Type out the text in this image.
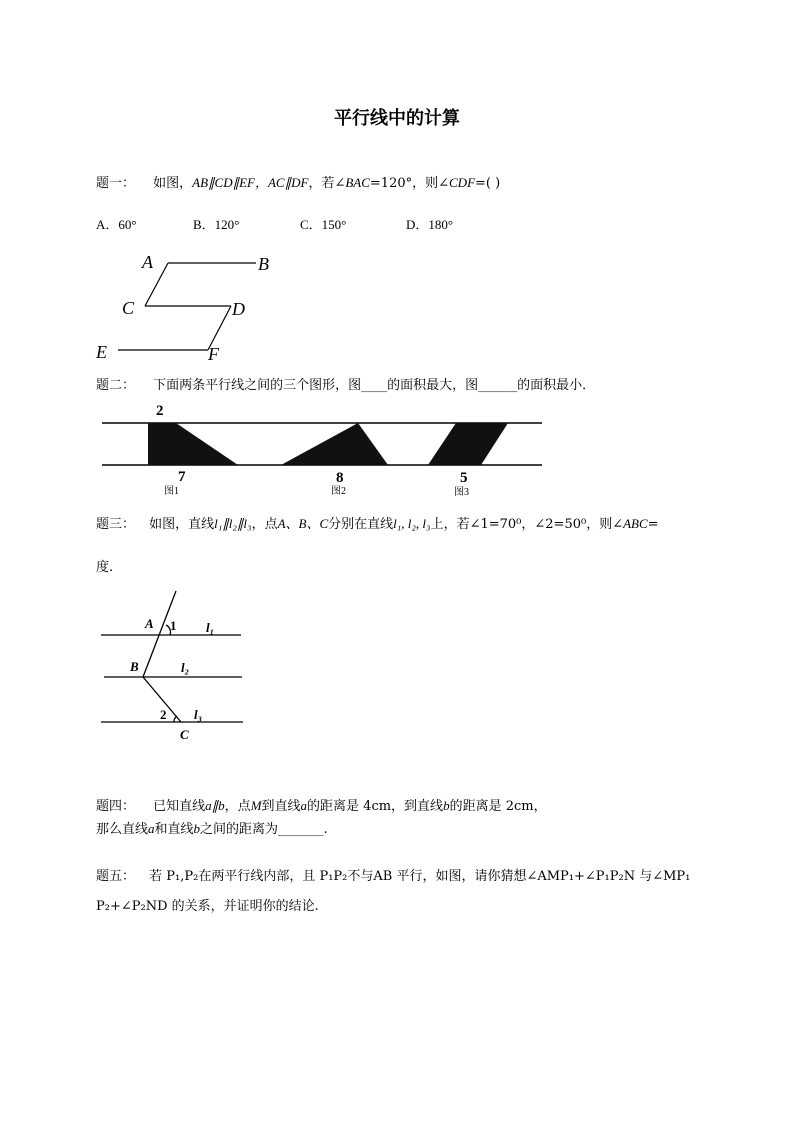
平行线中的计算
题一： 如图，AB∥CD∥EF，AC∥DF，若∠BAC=120°，则∠CDF=( )
A．60°	B．120°	C．150°	D．180°
A	B
C	D
E	F
题二： 下面两条平行线之间的三个图形，图____的面积最大，图______的面积最小．
2
7	8	5
图1	图2	图3
题三： 如图，直线l₁∥l₂∥l₃，点A、B、C分别在直线l₁, l₂, l₃上，若∠1=70⁰，∠2=50⁰，则∠ABC=
度.
A 1 l₁
B	l₂
2 l₃
C
题四： 已知直线a∥b，点M到直线a的距离是 4cm，到直线b的距离是 2cm，
那么直线a和直线b之间的距离为_______.
题五： 若 P₁,P₂在两平行线内部，且 P₁P₂不与AB 平行，如图，请你猜想∠AMP₁+∠P₁P₂N 与∠MP₁
P₂+∠P₂ND 的关系，并证明你的结论.
